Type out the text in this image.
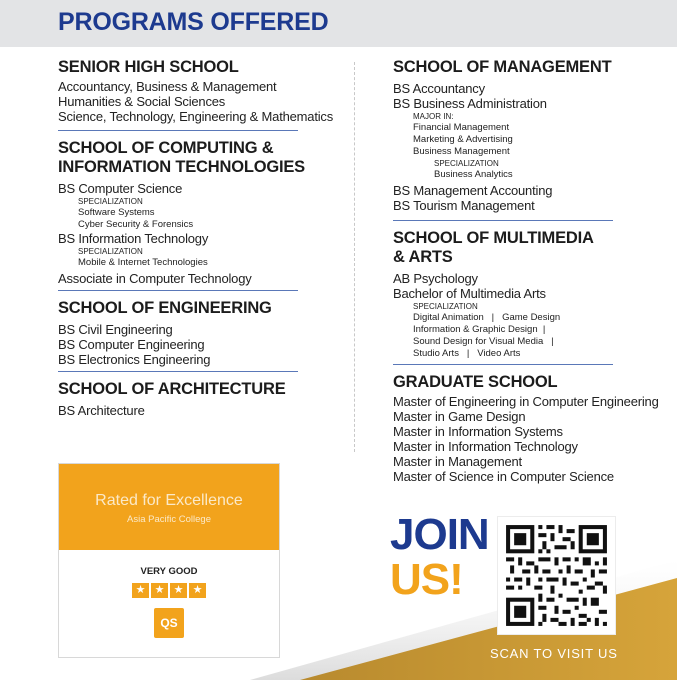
PROGRAMS OFFERED
SENIOR HIGH SCHOOL
Accountancy, Business & Management
Humanities & Social Sciences
Science, Technology, Engineering & Mathematics
SCHOOL OF COMPUTING &
INFORMATION TECHNOLOGIES
BS Computer Science
SPECIALIZATION
Software Systems
Cyber Security & Forensics
BS Information Technology
SPECIALIZATION
Mobile & Internet Technologies
Associate in Computer Technology
SCHOOL OF ENGINEERING
BS Civil Engineering
BS Computer Engineering
BS Electronics Engineering
SCHOOL OF ARCHITECTURE
BS Architecture
SCHOOL OF MANAGEMENT
BS Accountancy
BS Business Administration
MAJOR IN:
Financial Management
Marketing & Advertising
Business Management
SPECIALIZATION
Business Analytics
BS Management Accounting
BS Tourism Management
SCHOOL OF MULTIMEDIA
& ARTS
AB Psychology
Bachelor of Multimedia Arts
SPECIALIZATION
Digital Animation   |   Game Design
Information & Graphic Design  |
Sound Design for Visual Media   |
Studio Arts   |   Video Arts
GRADUATE SCHOOL
Master of Engineering in Computer Engineering
Master in Game Design
Master in Information Systems
Master in Information Technology
Master in Management
Master of Science in Computer Science
Rated for Excellence
Asia Pacific College
VERY GOOD
★ ★ ★ ★
QS
JOIN
US!
SCAN TO VISIT US
